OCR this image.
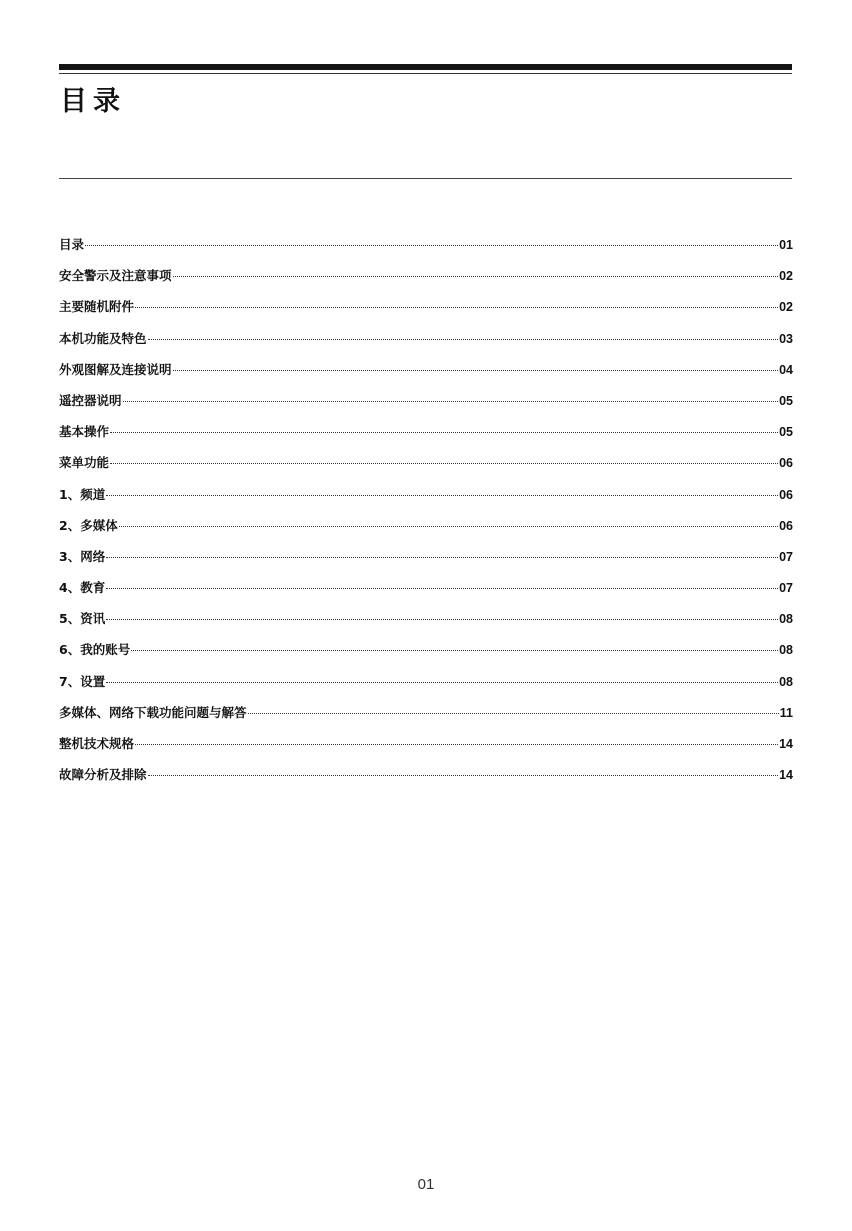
目录
目录	01
安全警示及注意事项	02
主要随机附件	02
本机功能及特色	03
外观图解及连接说明	04
遥控器说明	05
基本操作	05
菜单功能	06
1、频道	06
2、多媒体	06
3、网络	07
4、教育	07
5、资讯	08
6、我的账号	08
7、设置	08
多媒体、网络下载功能问题与解答	11
整机技术规格	14
故障分析及排除	14
01
